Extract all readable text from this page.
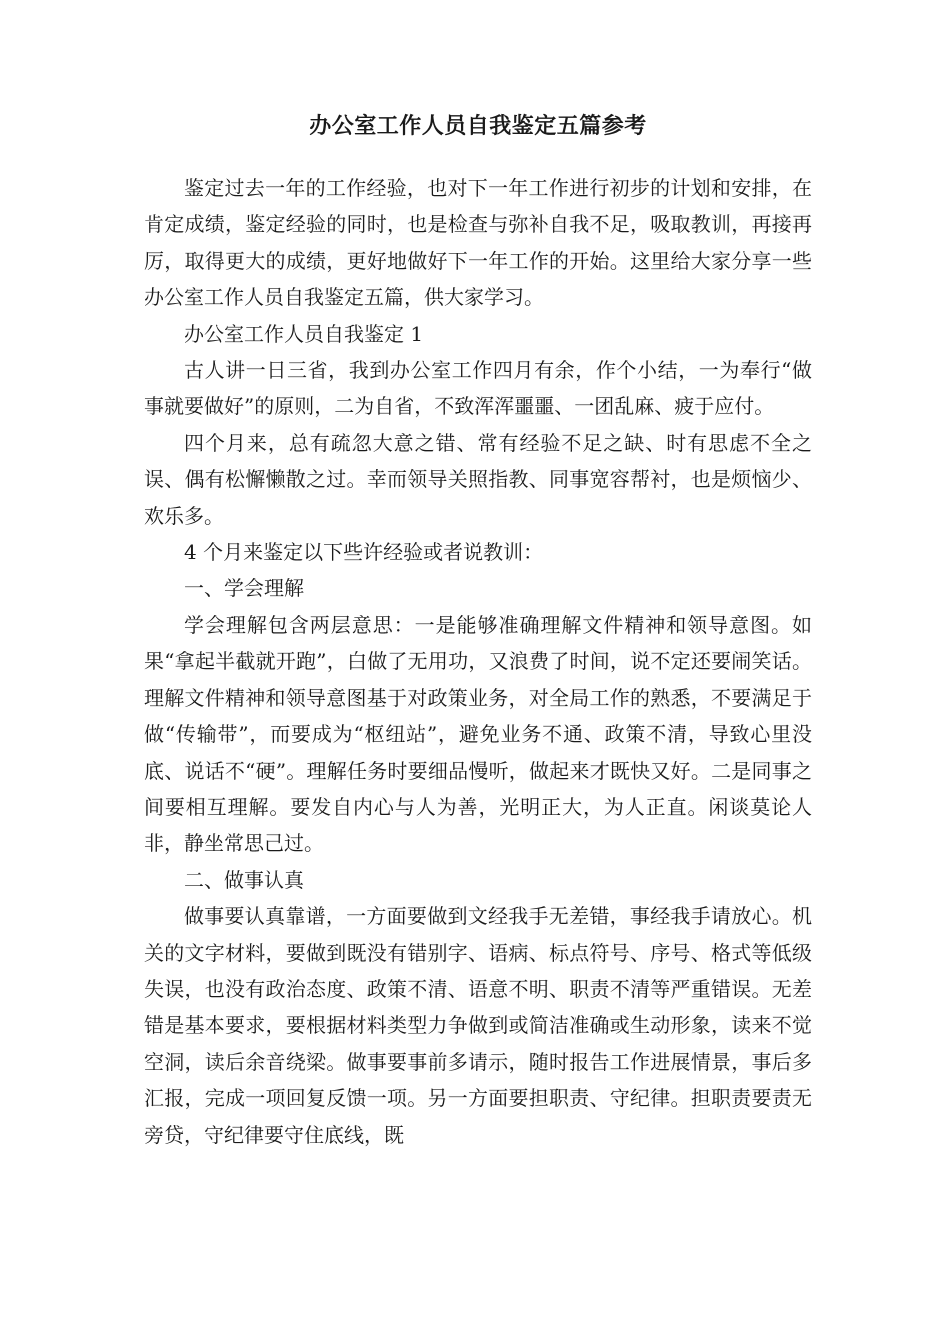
办公室工作人员自我鉴定五篇参考

鉴定过去一年的工作经验，也对下一年工作进行初步的计划和安排，在肯定成绩，鉴定经验的同时，也是检查与弥补自我不足，吸取教训，再接再厉，取得更大的成绩，更好地做好下一年工作的开始。这里给大家分享一些办公室工作人员自我鉴定五篇，供大家学习。

办公室工作人员自我鉴定 1

古人讲一日三省，我到办公室工作四月有余，作个小结，一为奉行“做事就要做好”的原则，二为自省，不致浑浑噩噩、一团乱麻、疲于应付。

四个月来，总有疏忽大意之错、常有经验不足之缺、时有思虑不全之误、偶有松懈懒散之过。幸而领导关照指教、同事宽容帮衬，也是烦恼少、欢乐多。

4 个月来鉴定以下些许经验或者说教训：

一、学会理解

学会理解包含两层意思：一是能够准确理解文件精神和领导意图。如果“拿起半截就开跑”，白做了无用功，又浪费了时间，说不定还要闹笑话。理解文件精神和领导意图基于对政策业务，对全局工作的熟悉，不要满足于做“传输带”，而要成为“枢纽站”，避免业务不通、政策不清，导致心里没底、说话不“硬”。理解任务时要细品慢听，做起来才既快又好。二是同事之间要相互理解。要发自内心与人为善，光明正大，为人正直。闲谈莫论人非，静坐常思己过。

二、做事认真

做事要认真靠谱，一方面要做到文经我手无差错，事经我手请放心。机关的文字材料，要做到既没有错别字、语病、标点符号、序号、格式等低级失误，也没有政治态度、政策不清、语意不明、职责不清等严重错误。无差错是基本要求，要根据材料类型力争做到或简洁准确或生动形象，读来不觉空洞，读后余音绕梁。做事要事前多请示，随时报告工作进展情景，事后多汇报，完成一项回复反馈一项。另一方面要担职责、守纪律。担职责要责无旁贷，守纪律要守住底线，既
